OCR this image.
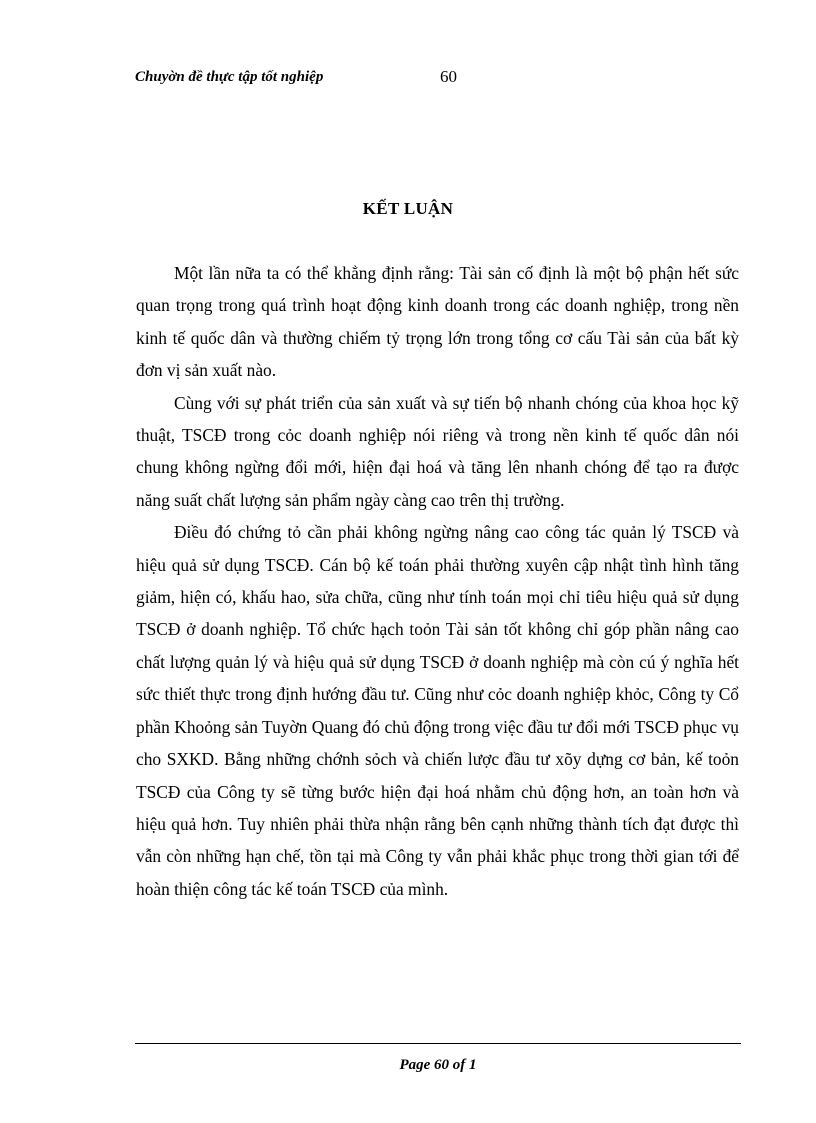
Chuyờn đề thực tập tốt nghiệp	60
KẾT LUẬN

Một lần nữa ta có thể khẳng định rằng: Tài sản cố định là một bộ phận hết sức quan trọng trong quá trình hoạt động kinh doanh trong các doanh nghiệp, trong nền kinh tế quốc dân và thường chiếm tỷ trọng lớn trong tổng cơ cấu Tài sản của bất kỳ đơn vị sản xuất nào.

Cùng với sự phát triển của sản xuất và sự tiến bộ nhanh chóng của khoa học kỹ thuật, TSCĐ trong cỏc doanh nghiệp nói riêng và trong nền kinh tế quốc dân nói chung không ngừng đổi mới, hiện đại hoá và tăng lên nhanh chóng để tạo ra được năng suất chất lượng sản phẩm ngày càng cao trên thị trường.

Điều đó chứng tỏ cần phải không ngừng nâng cao công tác quản lý TSCĐ và hiệu quả sử dụng TSCĐ. Cán bộ kế toán phải thường xuyên cập nhật tình hình tăng giảm, hiện có, khấu hao, sửa chữa, cũng như tính toán mọi chỉ tiêu hiệu quả sử dụng TSCĐ ở doanh nghiệp. Tổ chức hạch toỏn Tài sản tốt không chỉ góp phần nâng cao chất lượng quản lý và hiệu quả sử dụng TSCĐ ở doanh nghiệp mà còn cú ý nghĩa hết sức thiết thực trong định hướng đầu tư. Cũng như cỏc doanh nghiệp khỏc, Công ty Cổ phần Khoỏng sản Tuyờn Quang đó chủ động trong việc đầu tư đổi mới TSCĐ phục vụ cho SXKD. Bằng những chớnh sỏch và chiến lược đầu tư xõy dựng cơ bản, kế toỏn TSCĐ của Công ty sẽ từng bước hiện đại hoá nhằm chủ động hơn, an toàn hơn và hiệu quả hơn. Tuy nhiên phải thừa nhận rằng bên cạnh những thành tích đạt được thì vẫn còn những hạn chế, tồn tại mà Công ty vẫn phải khắc phục trong thời gian tới để hoàn thiện công tác kế toán TSCĐ của mình.

Page 60 of 1
